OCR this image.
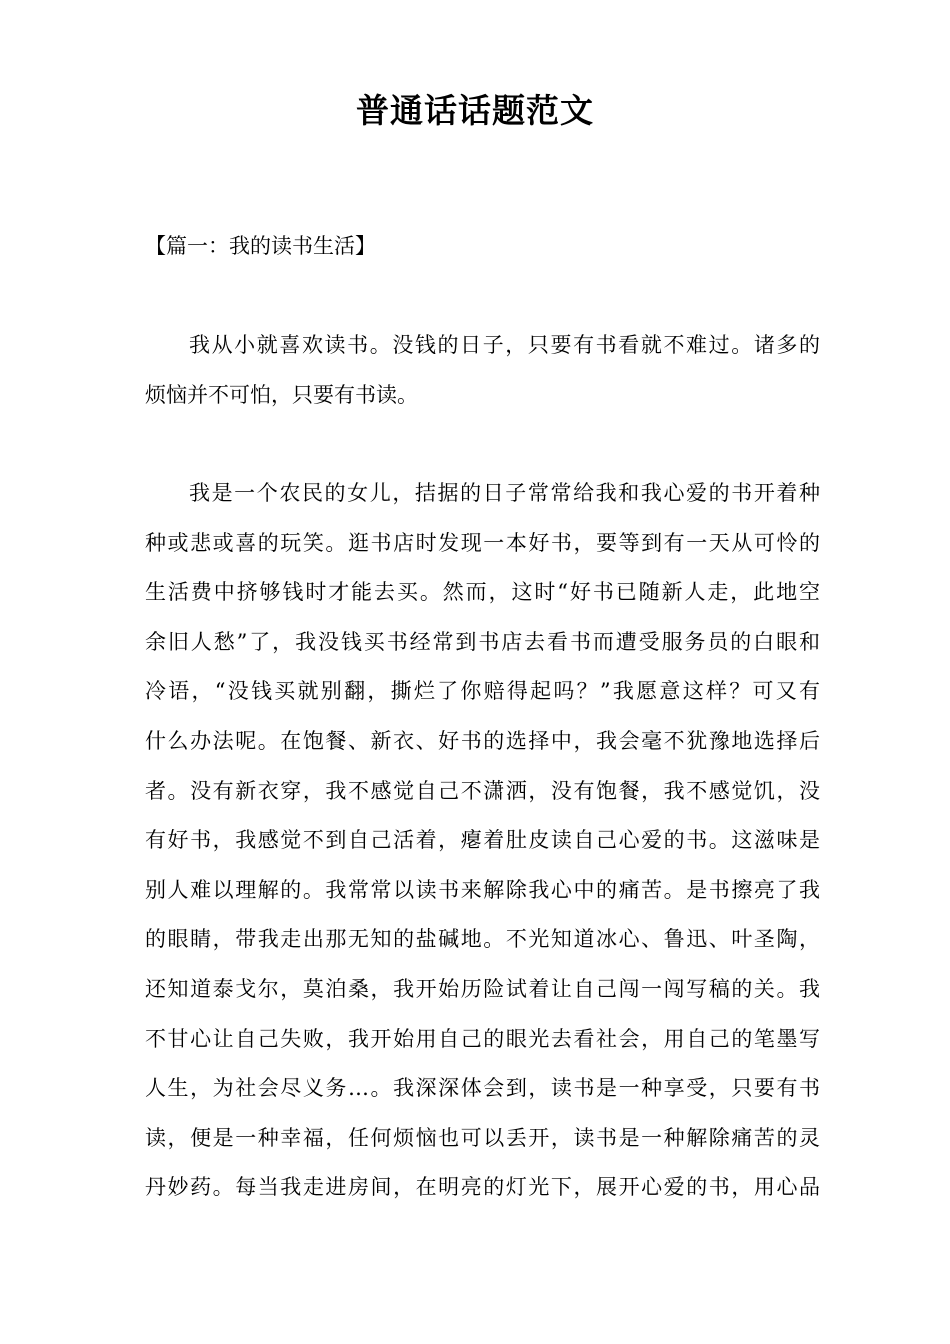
普通话话题范文
【篇一：我的读书生活】
我从小就喜欢读书。没钱的日子，只要有书看就不难过。诸多的
烦恼并不可怕，只要有书读。
我是一个农民的女儿，拮据的日子常常给我和我心爱的书开着种
种或悲或喜的玩笑。逛书店时发现一本好书，要等到有一天从可怜的
生活费中挤够钱时才能去买。然而，这时“好书已随新人走，此地空
余旧人愁”了，我没钱买书经常到书店去看书而遭受服务员的白眼和
冷语，“没钱买就别翻，撕烂了你赔得起吗？”我愿意这样？可又有
什么办法呢。在饱餐、新衣、好书的选择中，我会毫不犹豫地选择后
者。没有新衣穿，我不感觉自己不潇洒，没有饱餐，我不感觉饥，没
有好书，我感觉不到自己活着，瘪着肚皮读自己心爱的书。这滋味是
别人难以理解的。我常常以读书来解除我心中的痛苦。是书擦亮了我
的眼睛，带我走出那无知的盐碱地。不光知道冰心、鲁迅、叶圣陶，
还知道泰戈尔，莫泊桑，我开始历险试着让自己闯一闯写稿的关。我
不甘心让自己失败，我开始用自己的眼光去看社会，用自己的笔墨写
人生，为社会尽义务…。我深深体会到，读书是一种享受，只要有书
读，便是一种幸福，任何烦恼也可以丢开，读书是一种解除痛苦的灵
丹妙药。每当我走进房间，在明亮的灯光下，展开心爱的书，用心品
